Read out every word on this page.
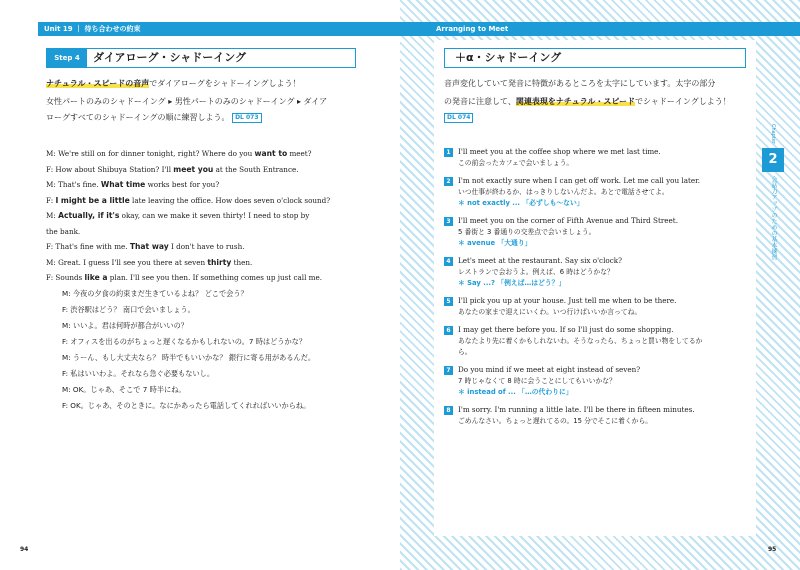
Unit 19 ｜ 待ち合わせの約束	Arranging to Meet
Step 4	ダイアローグ・シャドーイング
ナチュラル・スピードの音声でダイアローグをシャドーイングしよう！
女性パートのみのシャドーイング ▸ 男性パートのみのシャドーイング ▸ ダイア
ローグすべてのシャドーイングの順に練習しよう。 DL 073
M: We're still on for dinner tonight, right? Where do you want to meet?
F: How about Shibuya Station? I'll meet you at the South Entrance.
M: That's fine. What time works best for you?
F: I might be a little late leaving the office. How does seven o'clock sound?
M: Actually, if it's okay, can we make it seven thirty! I need to stop by
the bank.
F: That's fine with me. That way I don't have to rush.
M: Great. I guess I'll see you there at seven thirty then.
F: Sounds like a plan. I'll see you then. If something comes up just call me.
M: 今夜の夕食の約束まだ生きているよね？ どこで会う？
F: 渋谷駅はどう？ 南口で会いましょう。
M: いいよ。君は何時が都合がいいの？
F: オフィスを出るのがちょっと遅くなるかもしれないの。7 時はどうかな？
M: うーん、もし大丈夫なら？ 時半でもいいかな？ 銀行に寄る用があるんだ。
F: 私はいいわよ。それなら急ぐ必要もないし。
M: OK。じゃあ、そこで 7 時半にね。
F: OK。じゃあ、そのときに。なにかあったら電話してくれればいいからね。
＋α・シャドーイング
音声変化していて発音に特徴があるところを太字にしています。太字の部分
の発音に注意して、関連表現をナチュラル・スピードでシャドーイングしよう！
DL 074
1	I'll meet you at the coffee shop where we met last time.
この前会ったカフェで会いましょう。
2	I'm not exactly sure when I can get off work. Let me call you later.
いつ仕事が終わるか、はっきりしないんだよ。あとで電話させてよ。
＊ not exactly ... 「必ずしも～ない」
3	I'll meet you on the corner of Fifth Avenue and Third Street.
5 番街と 3 番通りの交差点で会いましょう。
＊ avenue 「大通り」
4	Let's meet at the restaurant. Say six o'clock?
レストランで会おうよ。例えば、6 時はどうかな？
＊ Say ...? 「例えば…はどう？」
5	I'll pick you up at your house. Just tell me when to be there.
あなたの家まで迎えにいくわ。いつ行けばいいか言ってね。
6	I may get there before you. If so I'll just do some shopping.
あなたより先に着くかもしれないわ。そうなったら、ちょっと買い物をしてるか
ら。
7	Do you mind if we meet at eight instead of seven?
7 時じゃなくて 8 時に会うことにしてもいいかな？
＊ instead of ... 「…の代わりに」
8	I'm sorry. I'm running a little late. I'll be there in fifteen minutes.
ごめんなさい。ちょっと遅れてるの。15 分でそこに着くから。
Chapter
2
会話力アップのための基本練習
94	95
